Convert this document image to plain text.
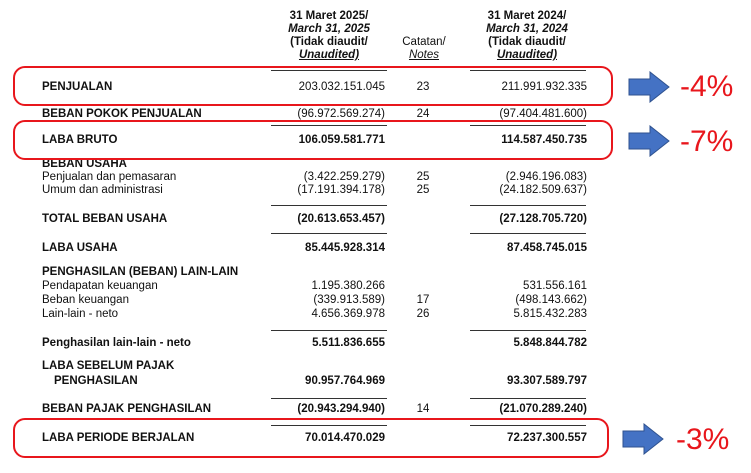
31 Maret 2025/
March 31, 2025
(Tidak diaudit/
Unaudited)
Catatan/
Notes
31 Maret 2024/
March 31, 2024
(Tidak diaudit/
Unaudited)
PENJUALAN	203.032.151.045	23	211.991.932.335
BEBAN POKOK PENJUALAN	(96.972.569.274)	24	(97.404.481.600)
LABA BRUTO	106.059.581.771	114.587.450.735
BEBAN USAHA
Penjualan dan pemasaran	(3.422.259.279)	25	(2.946.196.083)
Umum dan administrasi	(17.191.394.178)	25	(24.182.509.637)
TOTAL BEBAN USAHA	(20.613.653.457)	(27.128.705.720)
LABA USAHA	85.445.928.314	87.458.745.015
PENGHASILAN (BEBAN) LAIN-LAIN
Pendapatan keuangan	1.195.380.266	531.556.161
Beban keuangan	(339.913.589)	17	(498.143.662)
Lain-lain - neto	4.656.369.978	26	5.815.432.283
Penghasilan lain-lain - neto	5.511.836.655	5.848.844.782
LABA SEBELUM PAJAK
PENGHASILAN	90.957.764.969	93.307.589.797
BEBAN PAJAK PENGHASILAN	(20.943.294.940)	14	(21.070.289.240)
LABA PERIODE BERJALAN	70.014.470.029	72.237.300.557
-4%
-7%
-3%
